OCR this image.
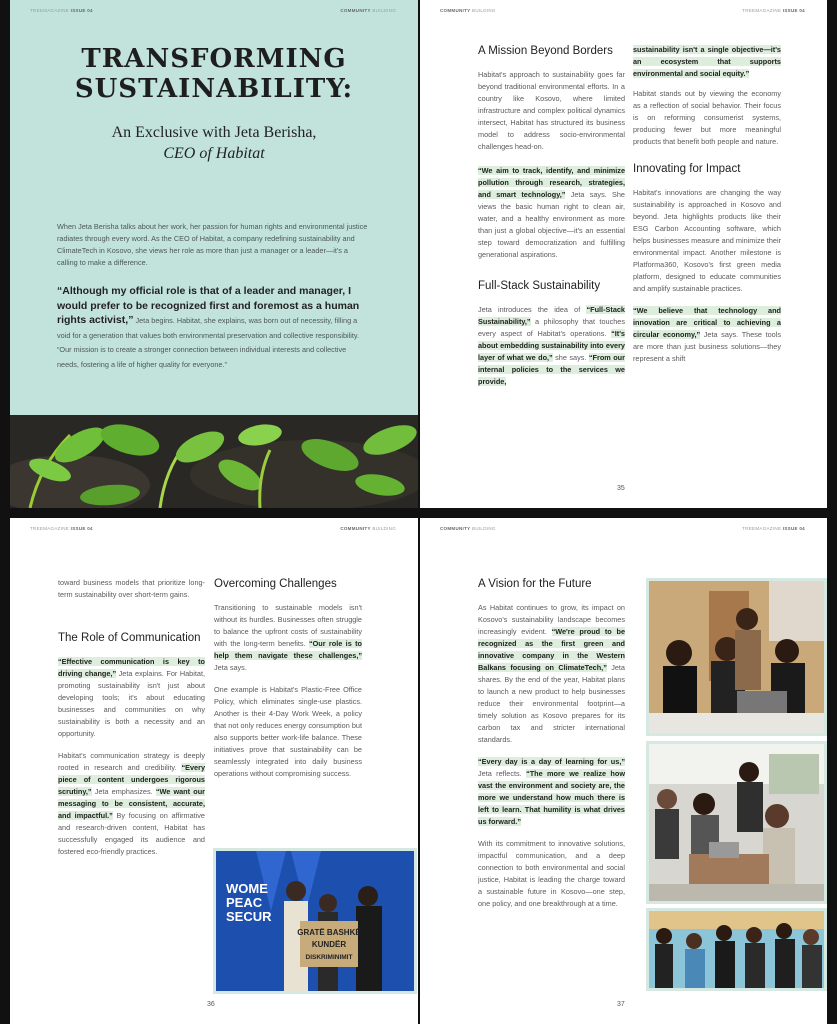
TREEMAGAZINE ISSUE 04	COMMUNITY BUILDING
TRANSFORMING
SUSTAINABILITY:
An Exclusive with Jeta Berisha,
CEO of Habitat
When Jeta Berisha talks about her work, her passion for human rights and environmental justice radiates through every word. As the CEO of Habitat, a company redefining sustainability and ClimateTech in Kosovo, she views her role as more than just a manager or a leader—it's a calling to make a difference.
“Although my official role is that of a leader and manager, I would prefer to be recognized first and foremost as a human rights activist,” Jeta begins. Habitat, she explains, was born out of necessity, filling a void for a generation that values both environmental preservation and collective responsibility. “Our mission is to create a stronger connection between individual interests and collective needs, fostering a life of higher quality for everyone.”
COMMUNITY BUILDING	TREEMAGAZINE ISSUE 04
A Mission Beyond Borders

Habitat's approach to sustainability goes far beyond traditional environmental efforts. In a country like Kosovo, where limited infrastructure and complex political dynamics intersect, Habitat has structured its business model to address socio-environmental challenges head-on.

“We aim to track, identify, and minimize pollution through research, strategies, and smart technology,” Jeta says. She views the basic human right to clean air, water, and a healthy environment as more than just a global objective—it's an essential step toward democratization and fulfilling generational aspirations.

Full-Stack Sustainability

Jeta introduces the idea of “Full-Stack Sustainability,” a philosophy that touches every aspect of Habitat's operations. “It's about embedding sustainability into every layer of what we do,” she says. “From our internal policies to the services we provide,

sustainability isn't a single objective—it's an ecosystem that supports environmental and social equity.”

Habitat stands out by viewing the economy as a reflection of social behavior. Their focus is on reforming consumerist systems, producing fewer but more meaningful products that benefit both people and nature.

Innovating for Impact

Habitat's innovations are changing the way sustainability is approached in Kosovo and beyond. Jeta highlights products like their ESG Carbon Accounting software, which helps businesses measure and minimize their environmental impact. Another milestone is Platforma360, Kosovo's first green media platform, designed to educate communities and amplify sustainable practices.

“We believe that technology and innovation are critical to achieving a circular economy,” Jeta says. These tools are more than just business solutions—they represent a shift

35
TREEMAGAZINE ISSUE 04	COMMUNITY BUILDING
toward business models that prioritize long-term sustainability over short-term gains.
The Role of Communication

“Effective communication is key to driving change,” Jeta explains. For Habitat, promoting sustainability isn't just about developing tools; it's about educating businesses and communities on why sustainability is both a necessity and an opportunity.

Habitat's communication strategy is deeply rooted in research and credibility. “Every piece of content undergoes rigorous scrutiny,” Jeta emphasizes. “We want our messaging to be consistent, accurate, and impactful.” By focusing on affirmative and research-driven content, Habitat has successfully engaged its audience and fostered eco-friendly practices.

Overcoming Challenges

Transitioning to sustainable models isn't without its hurdles. Businesses often struggle to balance the upfront costs of sustainability with the long-term benefits. “Our role is to help them navigate these challenges,” Jeta says.

One example is Habitat's Plastic-Free Office Policy, which eliminates single-use plastics. Another is their 4-Day Work Week, a policy that not only reduces energy consumption but also supports better work-life balance. These initiatives prove that sustainability can be seamlessly integrated into daily business operations without compromising success.

WOME
PEAC
SECUR
GRATË BASHKË
KUNDËR
DISKRIMINIMIT
36
COMMUNITY BUILDING	TREEMAGAZINE ISSUE 04
A Vision for the Future

As Habitat continues to grow, its impact on Kosovo's sustainability landscape becomes increasingly evident. “We're proud to be recognized as the first green and innovative company in the Western Balkans focusing on ClimateTech,” Jeta shares. By the end of the year, Habitat plans to launch a new product to help businesses reduce their environmental footprint—a timely solution as Kosovo prepares for its carbon tax and stricter international standards.

“Every day is a day of learning for us,” Jeta reflects. “The more we realize how vast the environment and society are, the more we understand how much there is left to learn. That humility is what drives us forward.”

With its commitment to innovative solutions, impactful communication, and a deep connection to both environmental and social justice, Habitat is leading the charge toward a sustainable future in Kosovo—one step, one policy, and one breakthrough at a time.

37
